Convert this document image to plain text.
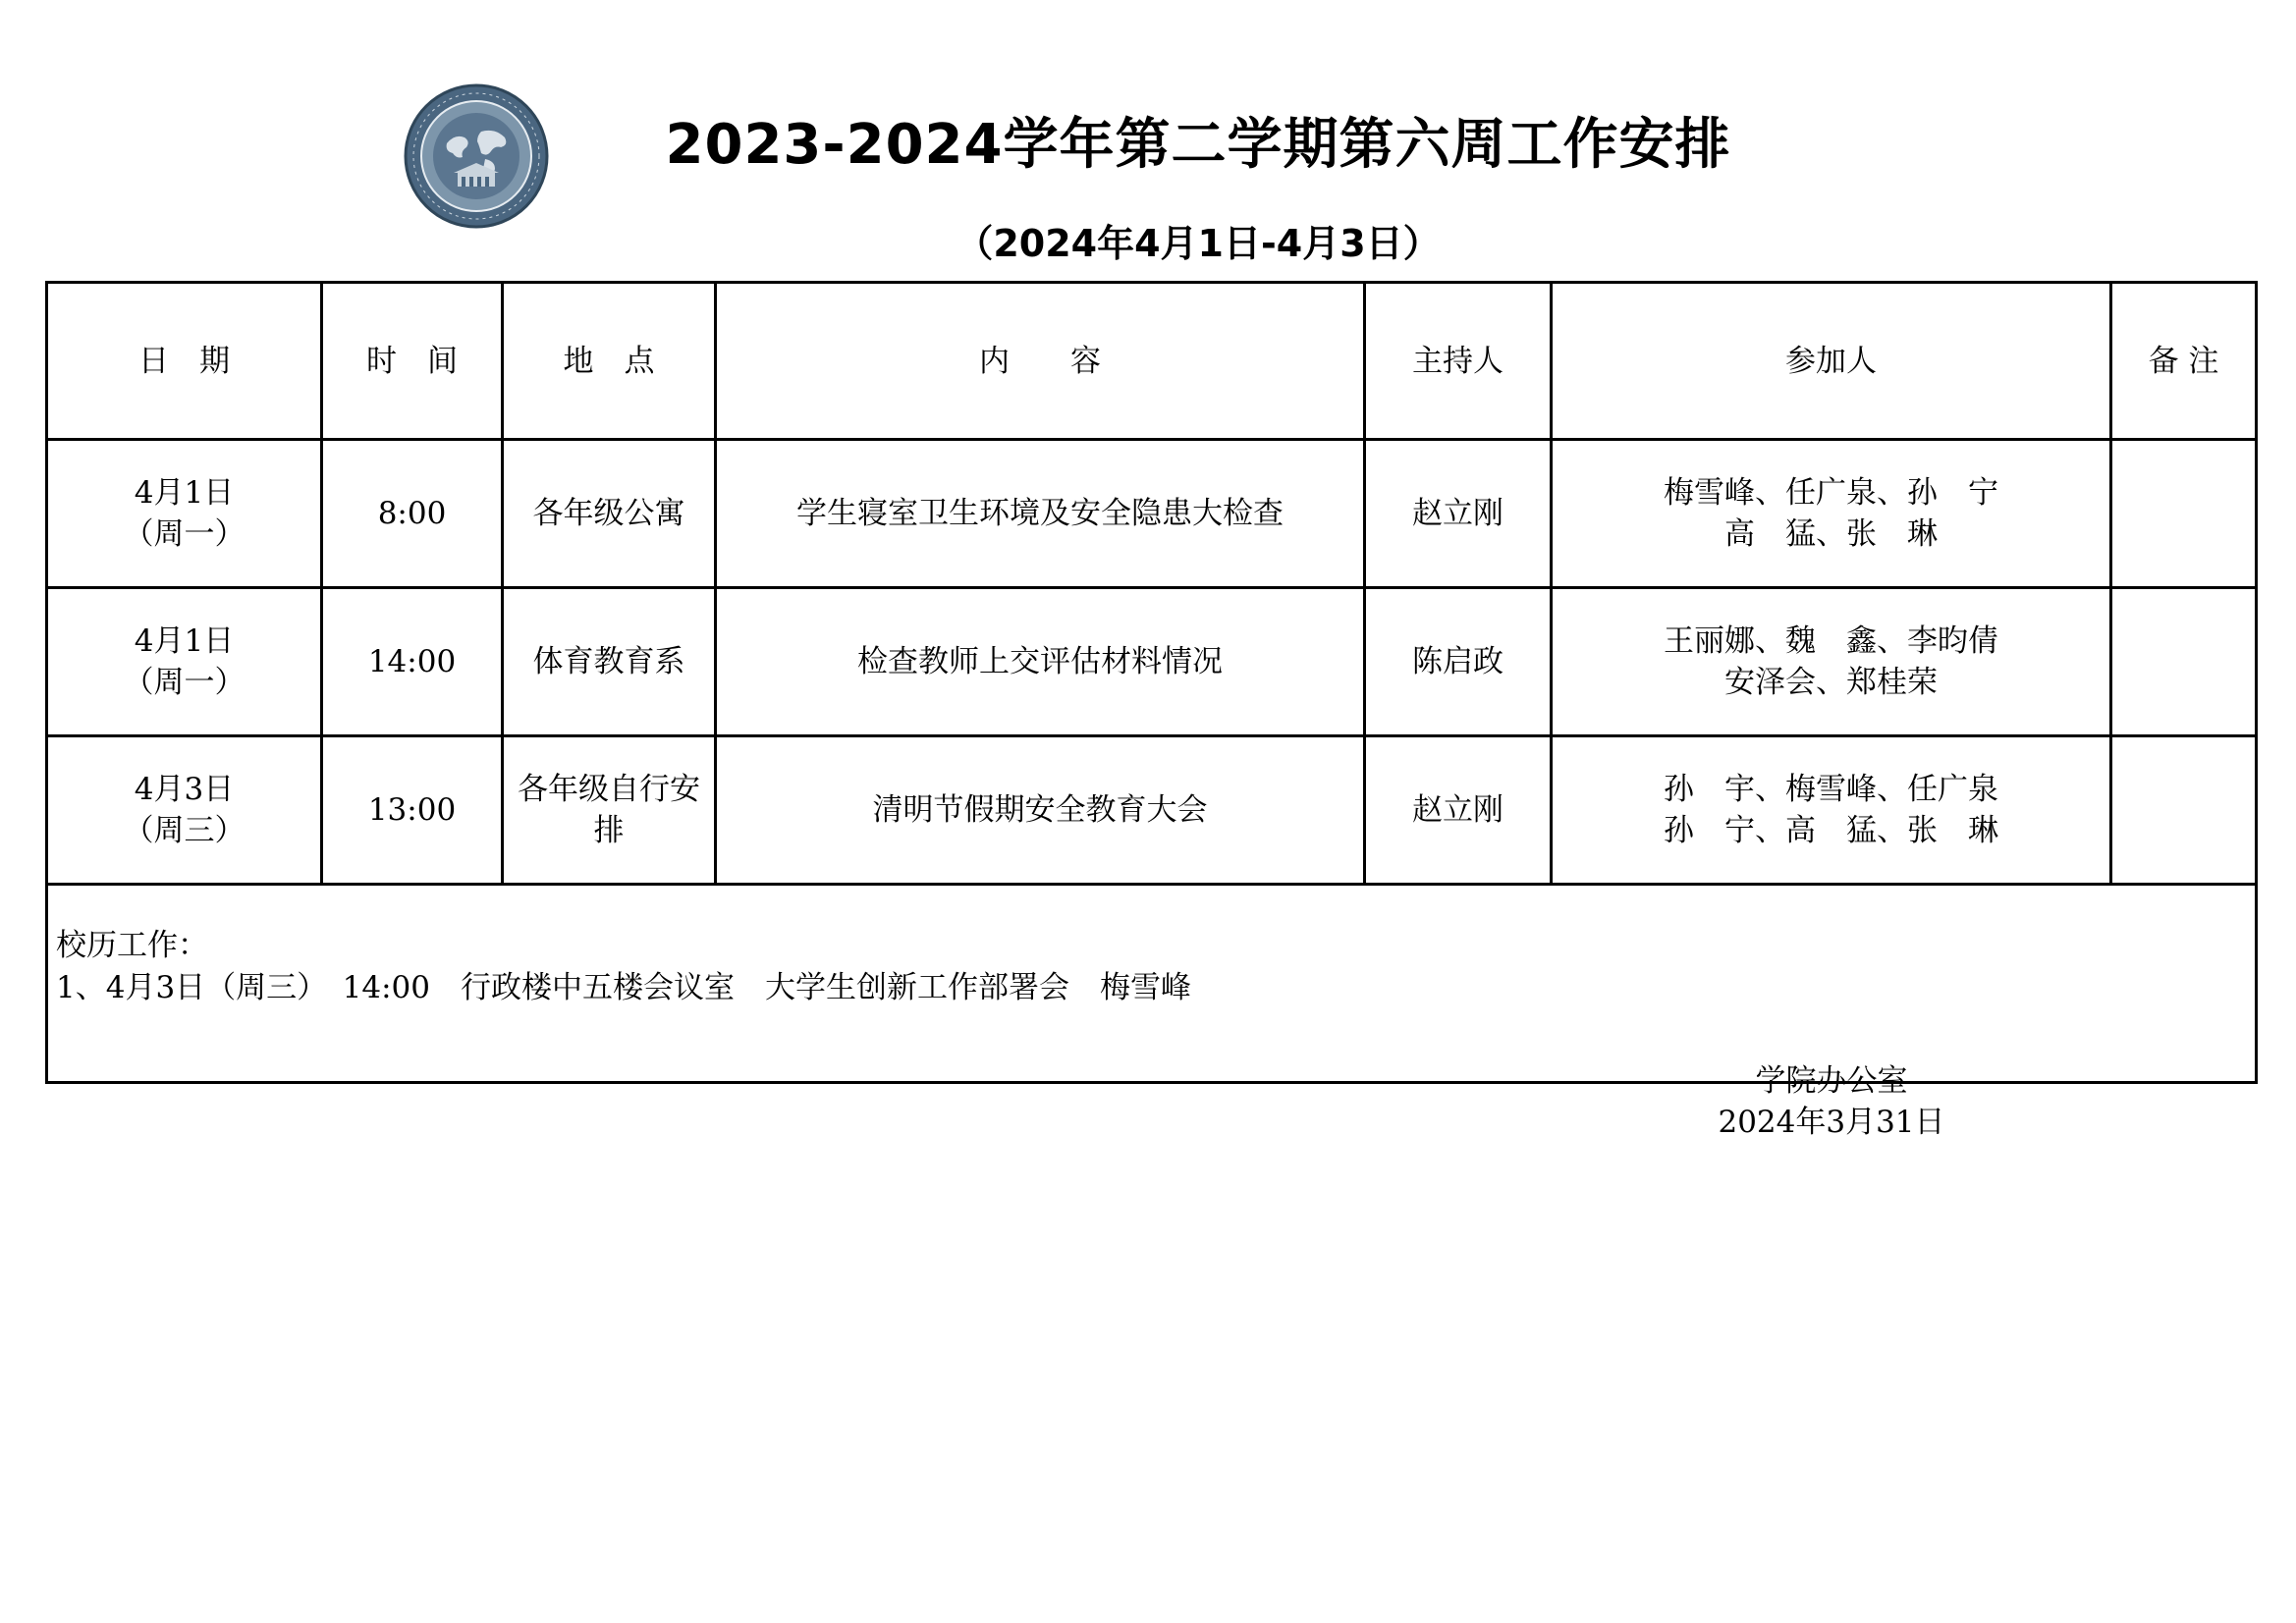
2023-2024学年第二学期第六周工作安排
（2024年4月1日-4月3日）
日　期	时　间	地　点	内　　容	主持人	参加人	备 注

4月1日
（周一）	8:00	各年级公寓	学生寝室卫生环境及安全隐患大检查	赵立刚	梅雪峰、任广泉、孙　宁
高　猛、张　琳	

4月1日
（周一）	14:00	体育教育系	检查教师上交评估材料情况	陈启政	王丽娜、魏　鑫、李昀倩
安泽会、郑桂荣	

4月3日
（周三）	13:00	各年级自行安排	清明节假期安全教育大会	赵立刚	孙　宇、梅雪峰、任广泉
孙　宁、高　猛、张　琳	

校历工作：
1、4月3日（周三）　14:00　行政楼中五楼会议室　大学生创新工作部署会　梅雪峰						
学院办公室
2024年3月31日
